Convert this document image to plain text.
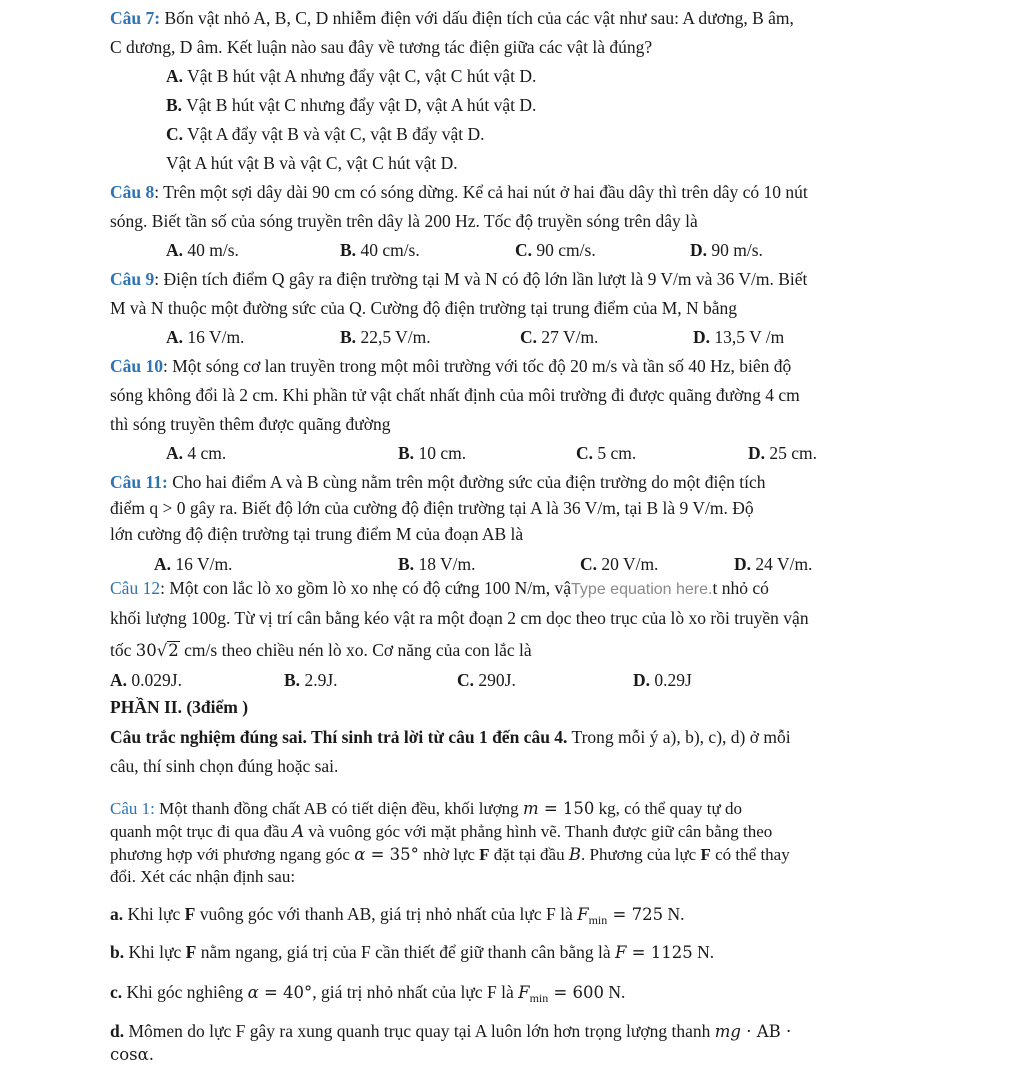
Câu 7: Bốn vật nhỏ A, B, C, D nhiễm điện với dấu điện tích của các vật như sau: A dương, B âm,
C dương, D âm. Kết luận nào sau đây về tương tác điện giữa các vật là đúng?
A. Vật B hút vật A nhưng đẩy vật C, vật C hút vật D.
B. Vật B hút vật C nhưng đẩy vật D, vật A hút vật D.
C. Vật A đẩy vật B và vật C, vật B đẩy vật D.
Vật A hút vật B và vật C, vật C hút vật D.
Câu 8: Trên một sợi dây dài 90 cm có sóng dừng. Kể cả hai nút ở hai đầu dây thì trên dây có 10 nút
sóng. Biết tần số của sóng truyền trên dây là 200 Hz. Tốc độ truyền sóng trên dây là
A. 40 m/s.	B. 40 cm/s.	C. 90 cm/s.	D. 90 m/s.
Câu 9: Điện tích điểm Q gây ra điện trường tại M và N có độ lớn lần lượt là 9 V/m và 36 V/m. Biết
M và N thuộc một đường sức của Q. Cường độ điện trường tại trung điểm của M, N bằng
A. 16 V/m.	B. 22,5 V/m.	C. 27 V/m.	D. 13,5 V /m
Câu 10: Một sóng cơ lan truyền trong một môi trường với tốc độ 20 m/s và tần số 40 Hz, biên độ
sóng không đổi là 2 cm. Khi phần tử vật chất nhất định của môi trường đi được quãng đường 4 cm
thì sóng truyền thêm được quãng đường
A. 4 cm.	B. 10 cm.	C. 5 cm.	D. 25 cm.
Câu 11: Cho hai điểm A và B cùng nằm trên một đường sức của điện trường do một điện tích
điểm q > 0 gây ra. Biết độ lớn của cường độ điện trường tại A là 36 V/m, tại B là 9 V/m. Độ
lớn cường độ điện trường tại trung điểm M của đoạn AB là
A. 16 V/m.	B. 18 V/m.	C. 20 V/m.	D. 24 V/m.
Câu 12: Một con lắc lò xo gồm lò xo nhẹ có độ cứng 100 N/m, vậType equation here.t nhỏ có
khối lượng 100g. Từ vị trí cân bằng kéo vật ra một đoạn 2 cm dọc theo trục của lò xo rồi truyền vận
tốc 30√2 cm/s theo chiều nén lò xo. Cơ năng của con lắc là
A. 0.029J.	B. 2.9J.	C. 290J.	D. 0.29J
PHẦN II. (3điểm )
Câu trắc nghiệm đúng sai. Thí sinh trả lời từ câu 1 đến câu 4. Trong mỗi ý a), b), c), d) ở mỗi
câu, thí sinh chọn đúng hoặc sai.
Câu 1: Một thanh đồng chất AB có tiết diện đều, khối lượng m = 150 kg, có thể quay tự do
quanh một trục đi qua đầu A và vuông góc với mặt phẳng hình vẽ. Thanh được giữ cân bằng theo
phương hợp với phương ngang góc α = 35° nhờ lực F đặt tại đầu B. Phương của lực F có thể thay
đổi. Xét các nhận định sau:
a. Khi lực F vuông góc với thanh AB, giá trị nhỏ nhất của lực F là $F_{min} = 725$ N.
b. Khi lực F nằm ngang, giá trị của F cần thiết để giữ thanh cân bằng là F = 1125 N.
c. Khi góc nghiêng α = 40°, giá trị nhỏ nhất của lực F là $F_{min} = 600$ N.
d. Mômen do lực F gây ra xung quanh trục quay tại A luôn lớn hơn trọng lượng thanh mg · AB ·
cosα.
